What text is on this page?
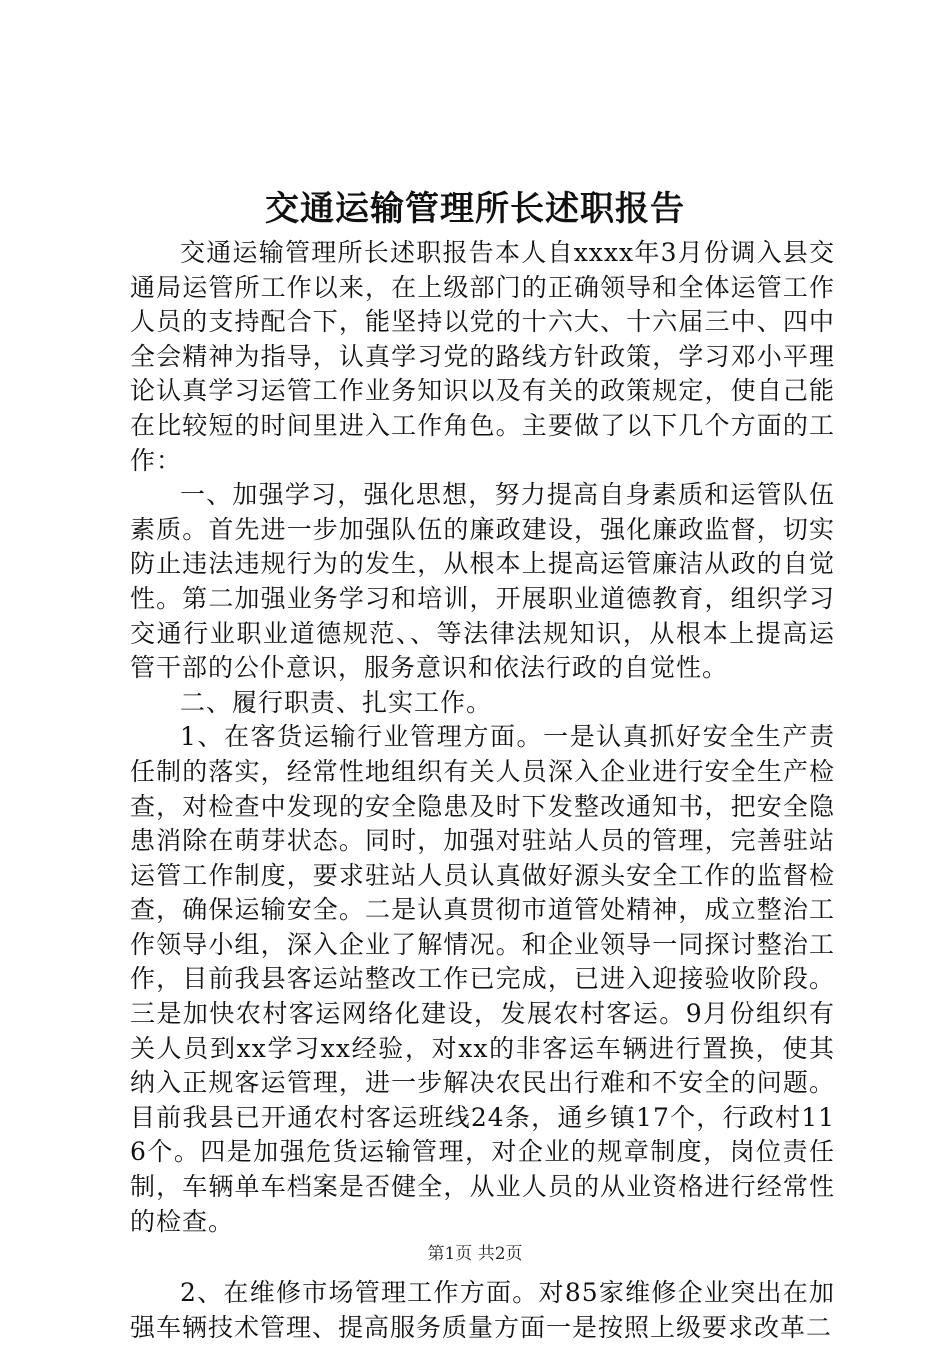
交通运输管理所长述职报告

交通运输管理所长述职报告本人自xxxx年3月份调入县交通局运管所工作以来，在上级部门的正确领导和全体运管工作人员的支持配合下，能坚持以党的十六大、十六届三中、四中全会精神为指导，认真学习党的路线方针政策，学习邓小平理论认真学习运管工作业务知识以及有关的政策规定，使自己能在比较短的时间里进入工作角色。主要做了以下几个方面的工作：

一、加强学习，强化思想，努力提高自身素质和运管队伍素质。首先进一步加强队伍的廉政建设，强化廉政监督，切实防止违法违规行为的发生，从根本上提高运管廉洁从政的自觉性。第二加强业务学习和培训，开展职业道德教育，组织学习交通行业职业道德规范、、等法律法规知识，从根本上提高运管干部的公仆意识，服务意识和依法行政的自觉性。

二、履行职责、扎实工作。

1、在客货运输行业管理方面。一是认真抓好安全生产责任制的落实，经常性地组织有关人员深入企业进行安全生产检查，对检查中发现的安全隐患及时下发整改通知书，把安全隐患消除在萌芽状态。同时，加强对驻站人员的管理，完善驻站运管工作制度，要求驻站人员认真做好源头安全工作的监督检查，确保运输安全。二是认真贯彻市道管处精神，成立整治工作领导小组，深入企业了解情况。和企业领导一同探讨整治工作，目前我县客运站整改工作已完成，已进入迎接验收阶段。三是加快农村客运网络化建设，发展农村客运。9月份组织有关人员到xx学习xx经验，对xx的非客运车辆进行置换，使其纳入正规客运管理，进一步解决农民出行难和不安全的问题。目前我县已开通农村客运班线24条，通乡镇17个，行政村116个。四是加强危货运输管理，对企业的规章制度，岗位责任制，车辆单车档案是否健全，从业人员的从业资格进行经常性的检查。

2、在维修市场管理工作方面。对85家维修企业突出在加强车辆技术管理、提高服务质量方面一是按照上级要求改革二

第1页 共2页
